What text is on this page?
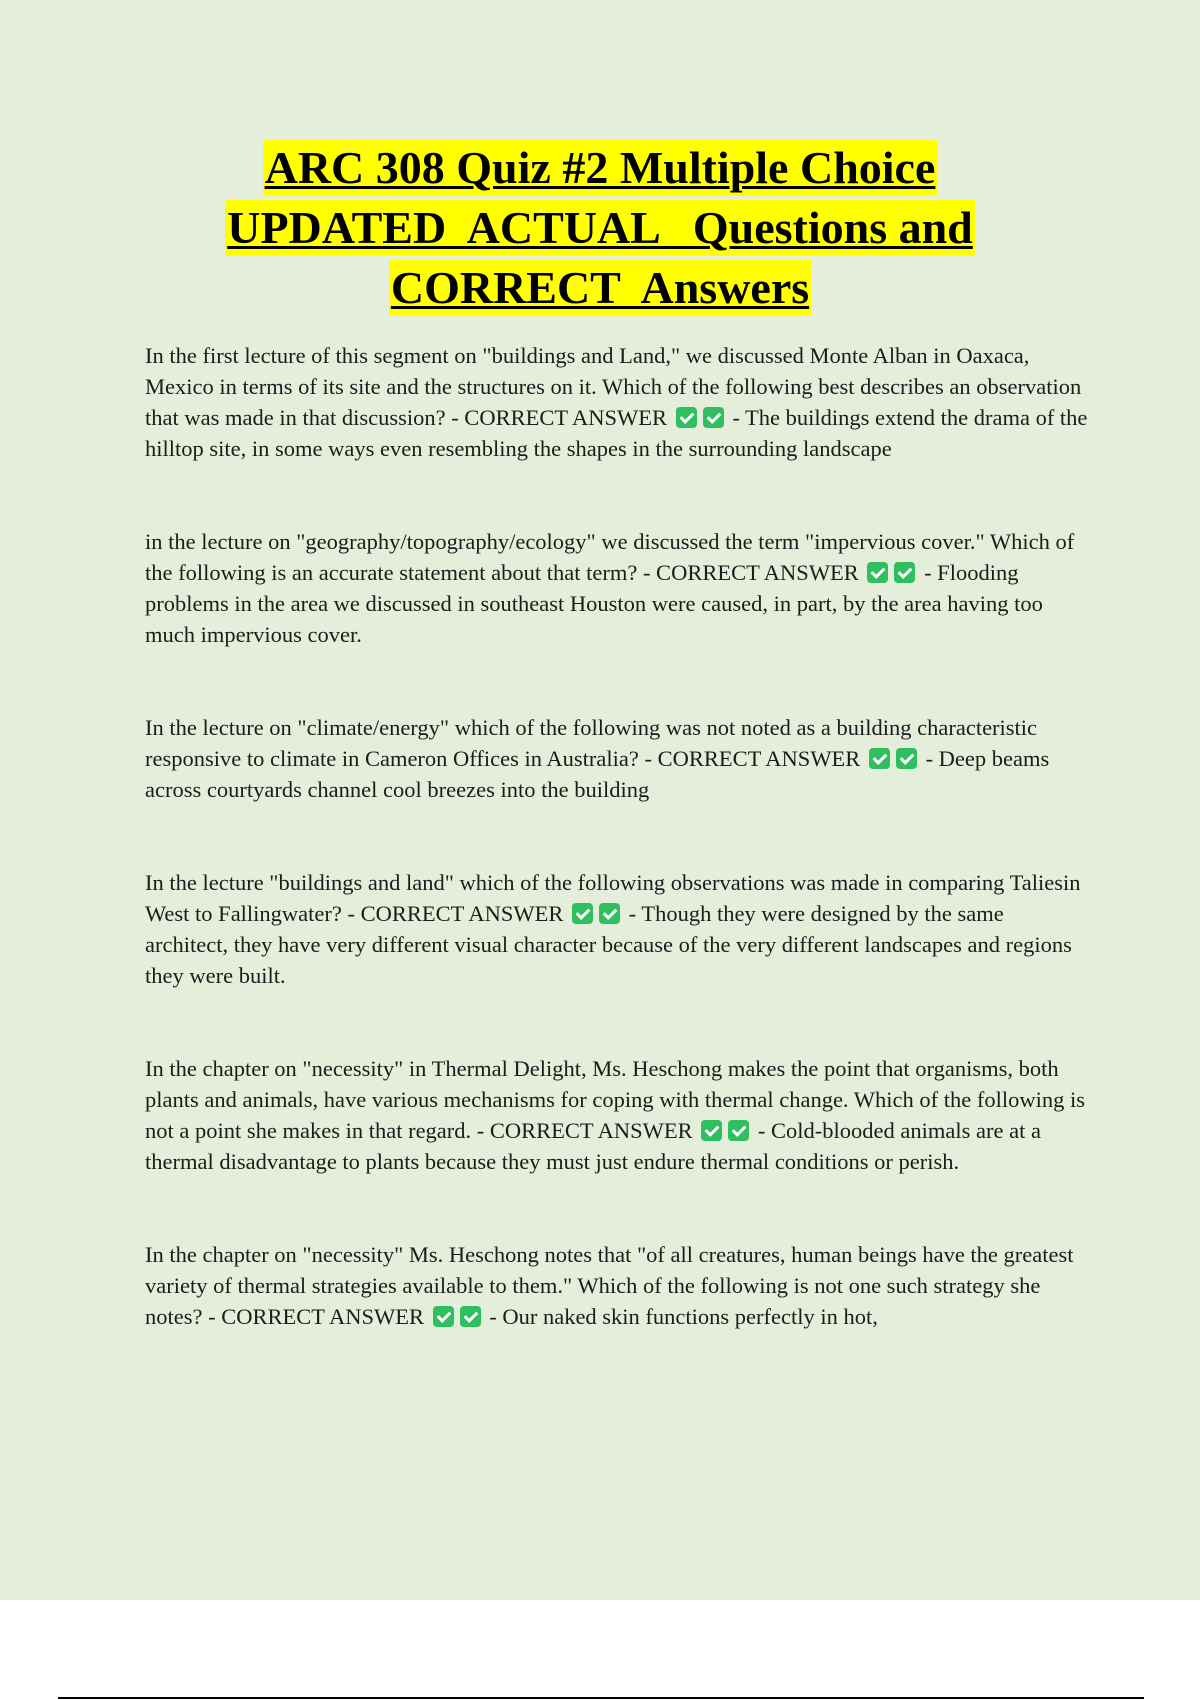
ARC 308 Quiz #2 Multiple Choice
UPDATED  ACTUAL   Questions and
CORRECT  Answers

In the first lecture of this segment on "buildings and Land," we discussed Monte Alban in Oaxaca, Mexico in terms of its site and the structures on it. Which of the following best describes an observation that was made in that discussion? - CORRECT ANSWER	- The buildings extend the drama of the hilltop site, in some ways even resembling the shapes in the surrounding landscape

in the lecture on "geography/topography/ecology" we discussed the term "impervious cover." Which of the following is an accurate statement about that term? - CORRECT ANSWER	- Flooding problems in the area we discussed in southeast Houston were caused, in part, by the area having too much impervious cover.

In the lecture on "climate/energy" which of the following was not noted as a building characteristic responsive to climate in Cameron Offices in Australia? - CORRECT ANSWER	- Deep beams across courtyards channel cool breezes into the building

In the lecture "buildings and land" which of the following observations was made in comparing Taliesin West to Fallingwater? - CORRECT ANSWER	- Though they were designed by the same architect, they have very different visual character because of the very different landscapes and regions they were built.

In the chapter on "necessity" in Thermal Delight, Ms. Heschong makes the point that organisms, both plants and animals, have various mechanisms for coping with thermal change. Which of the following is not a point she makes in that regard. - CORRECT ANSWER	- Cold-blooded animals are at a thermal disadvantage to plants because they must just endure thermal conditions or perish.

In the chapter on "necessity" Ms. Heschong notes that "of all creatures, human beings have the greatest variety of thermal strategies available to them." Which of the following is not one such strategy she notes? - CORRECT ANSWER	- Our naked skin functions perfectly in hot,
